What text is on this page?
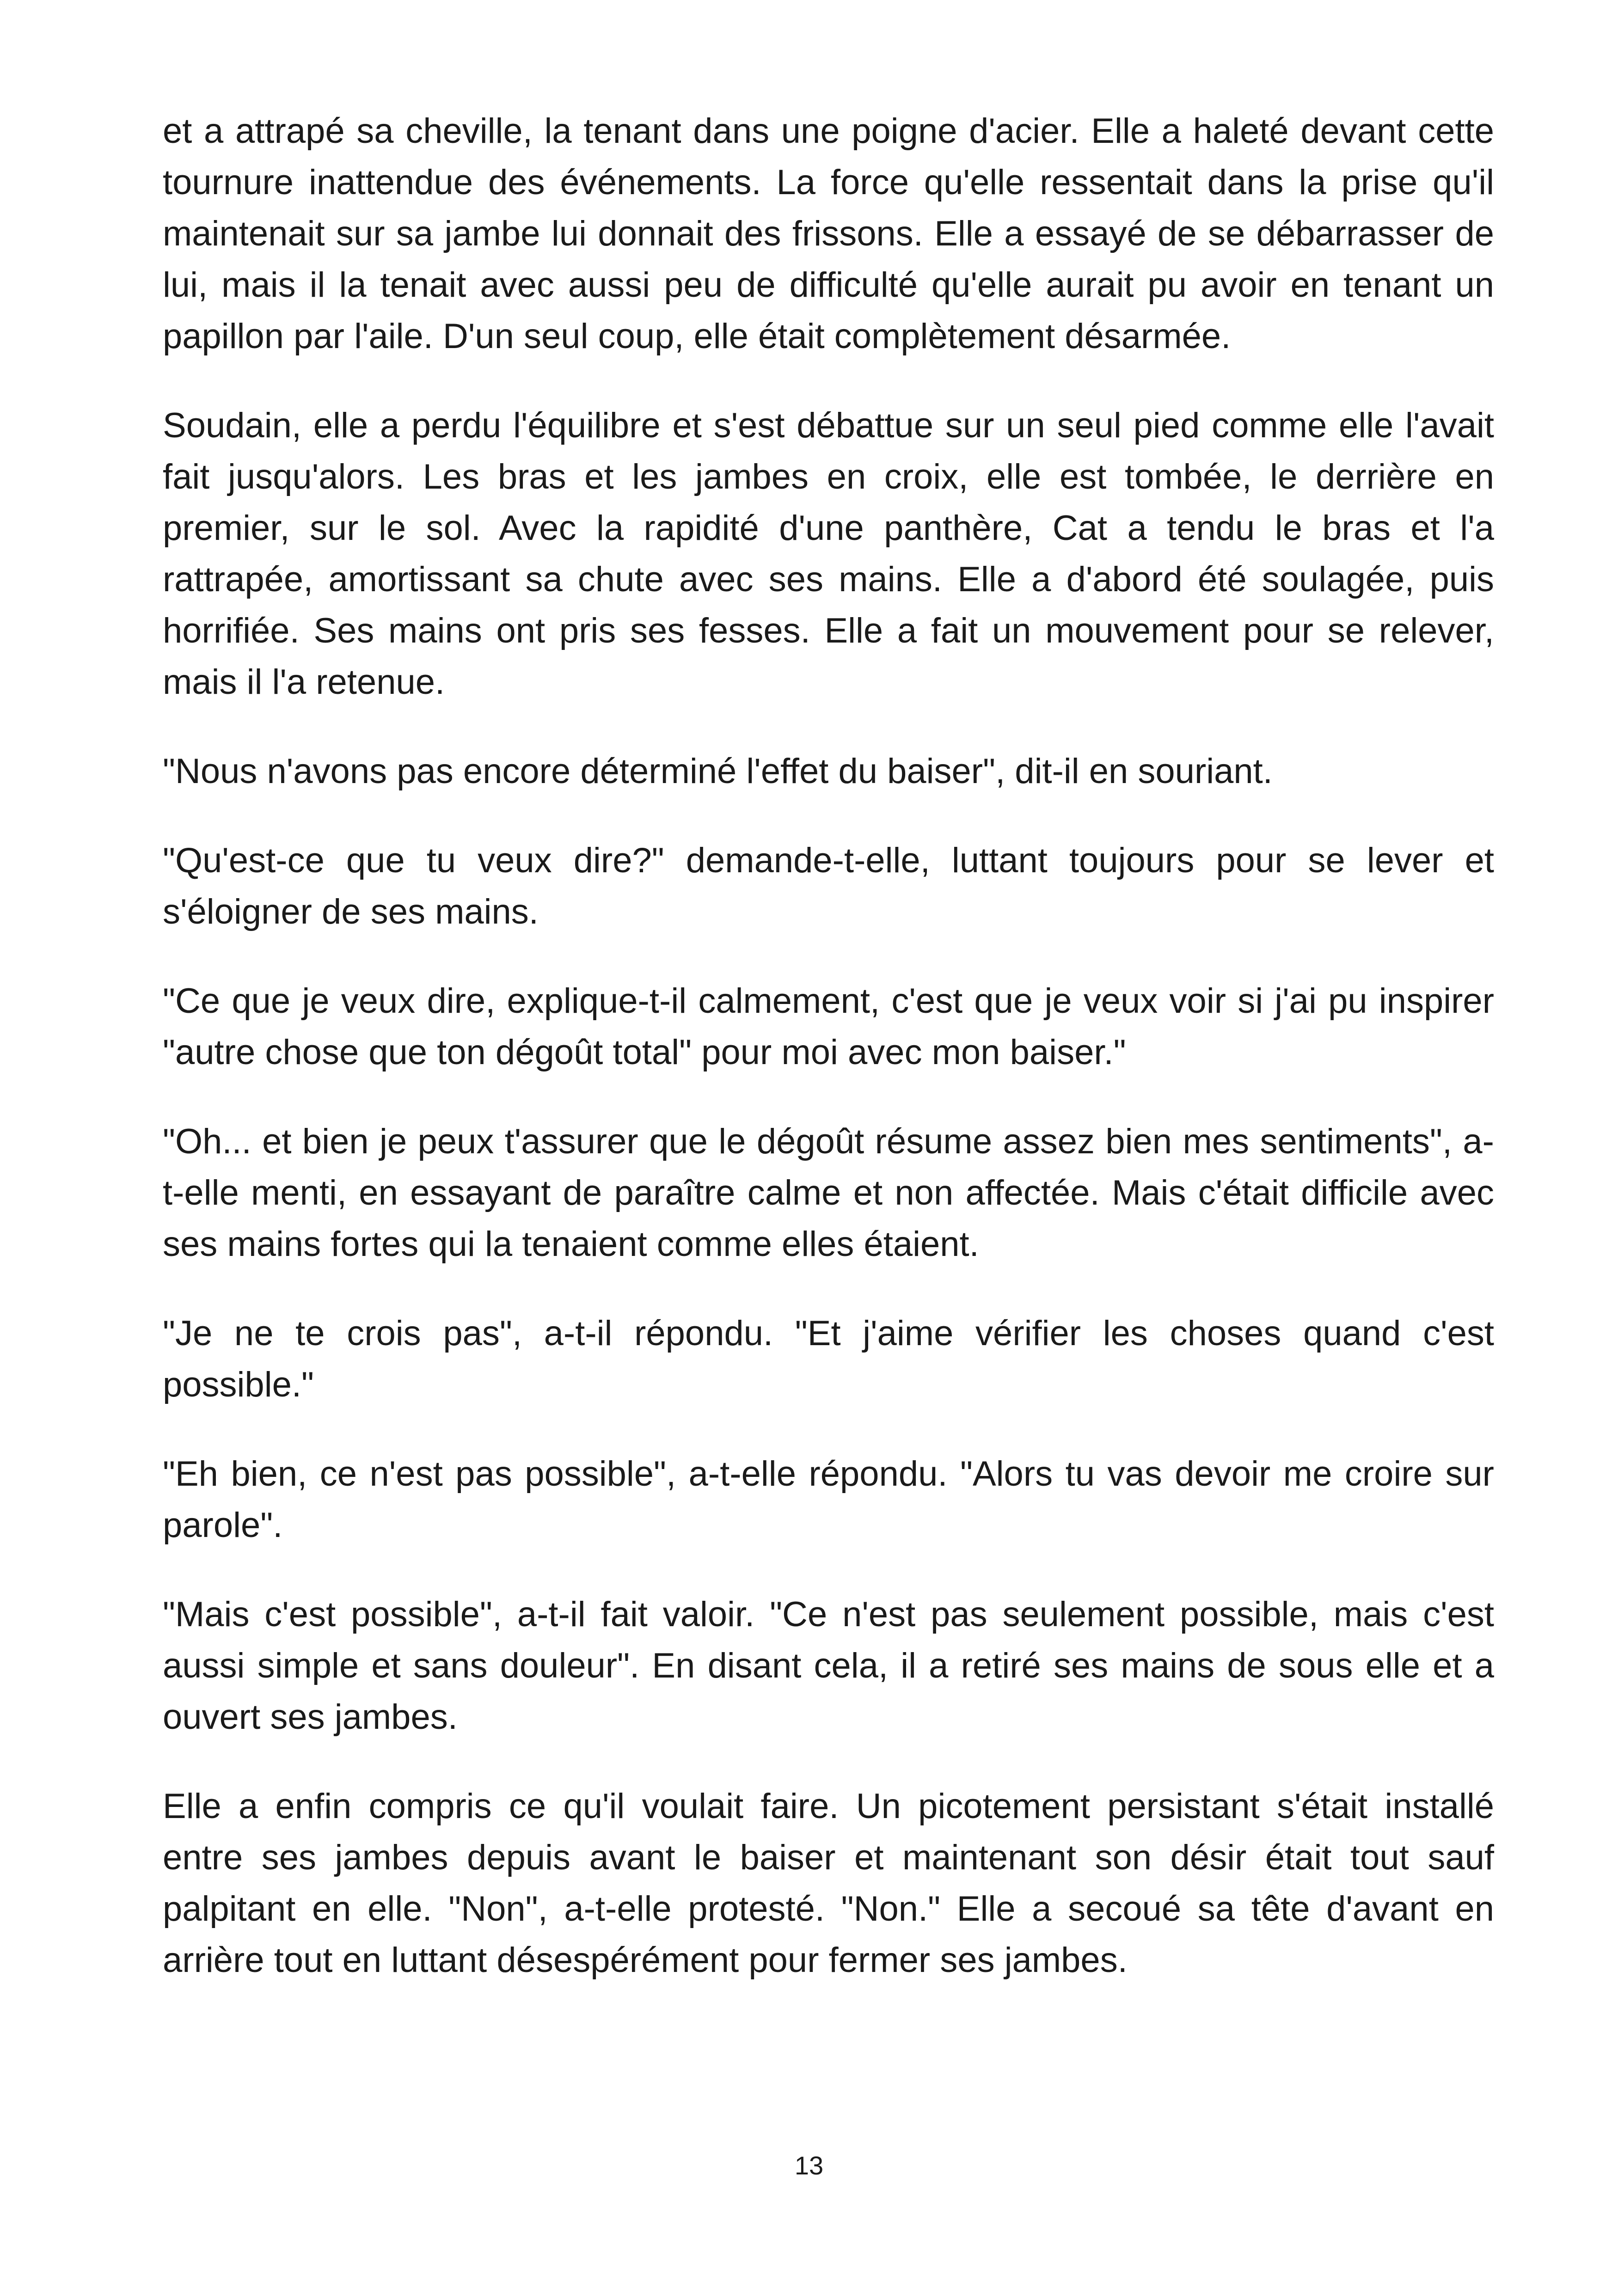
et a attrapé sa cheville, la tenant dans une poigne d'acier. Elle a haleté devant cette tournure inattendue des événements. La force qu'elle ressentait dans la prise qu'il maintenait sur sa jambe lui donnait des frissons. Elle a essayé de se débarrasser de lui, mais il la tenait avec aussi peu de difficulté qu'elle aurait pu avoir en tenant un papillon par l'aile. D'un seul coup, elle était complètement désarmée.

Soudain, elle a perdu l'équilibre et s'est débattue sur un seul pied comme elle l'avait fait jusqu'alors. Les bras et les jambes en croix, elle est tombée, le derrière en premier, sur le sol. Avec la rapidité d'une panthère, Cat a tendu le bras et l'a rattrapée, amortissant sa chute avec ses mains. Elle a d'abord été soulagée, puis horrifiée. Ses mains ont pris ses fesses. Elle a fait un mouvement pour se relever, mais il l'a retenue.

"Nous n'avons pas encore déterminé l'effet du baiser", dit-il en souriant.

"Qu'est-ce que tu veux dire?" demande-t-elle, luttant toujours pour se lever et s'éloigner de ses mains.

"Ce que je veux dire, explique-t-il calmement, c'est que je veux voir si j'ai pu inspirer "autre chose que ton dégoût total" pour moi avec mon baiser."

"Oh... et bien je peux t'assurer que le dégoût résume assez bien mes sentiments", a-t-elle menti, en essayant de paraître calme et non affectée. Mais c'était difficile avec ses mains fortes qui la tenaient comme elles étaient.

"Je ne te crois pas", a-t-il répondu. "Et j'aime vérifier les choses quand c'est possible."

"Eh bien, ce n'est pas possible", a-t-elle répondu. "Alors tu vas devoir me croire sur parole".

"Mais c'est possible", a-t-il fait valoir. "Ce n'est pas seulement possible, mais c'est aussi simple et sans douleur". En disant cela, il a retiré ses mains de sous elle et a ouvert ses jambes.

Elle a enfin compris ce qu'il voulait faire. Un picotement persistant s'était installé entre ses jambes depuis avant le baiser et maintenant son désir était tout sauf palpitant en elle. "Non", a-t-elle protesté. "Non." Elle a secoué sa tête d'avant en arrière tout en luttant désespérément pour fermer ses jambes.

13
